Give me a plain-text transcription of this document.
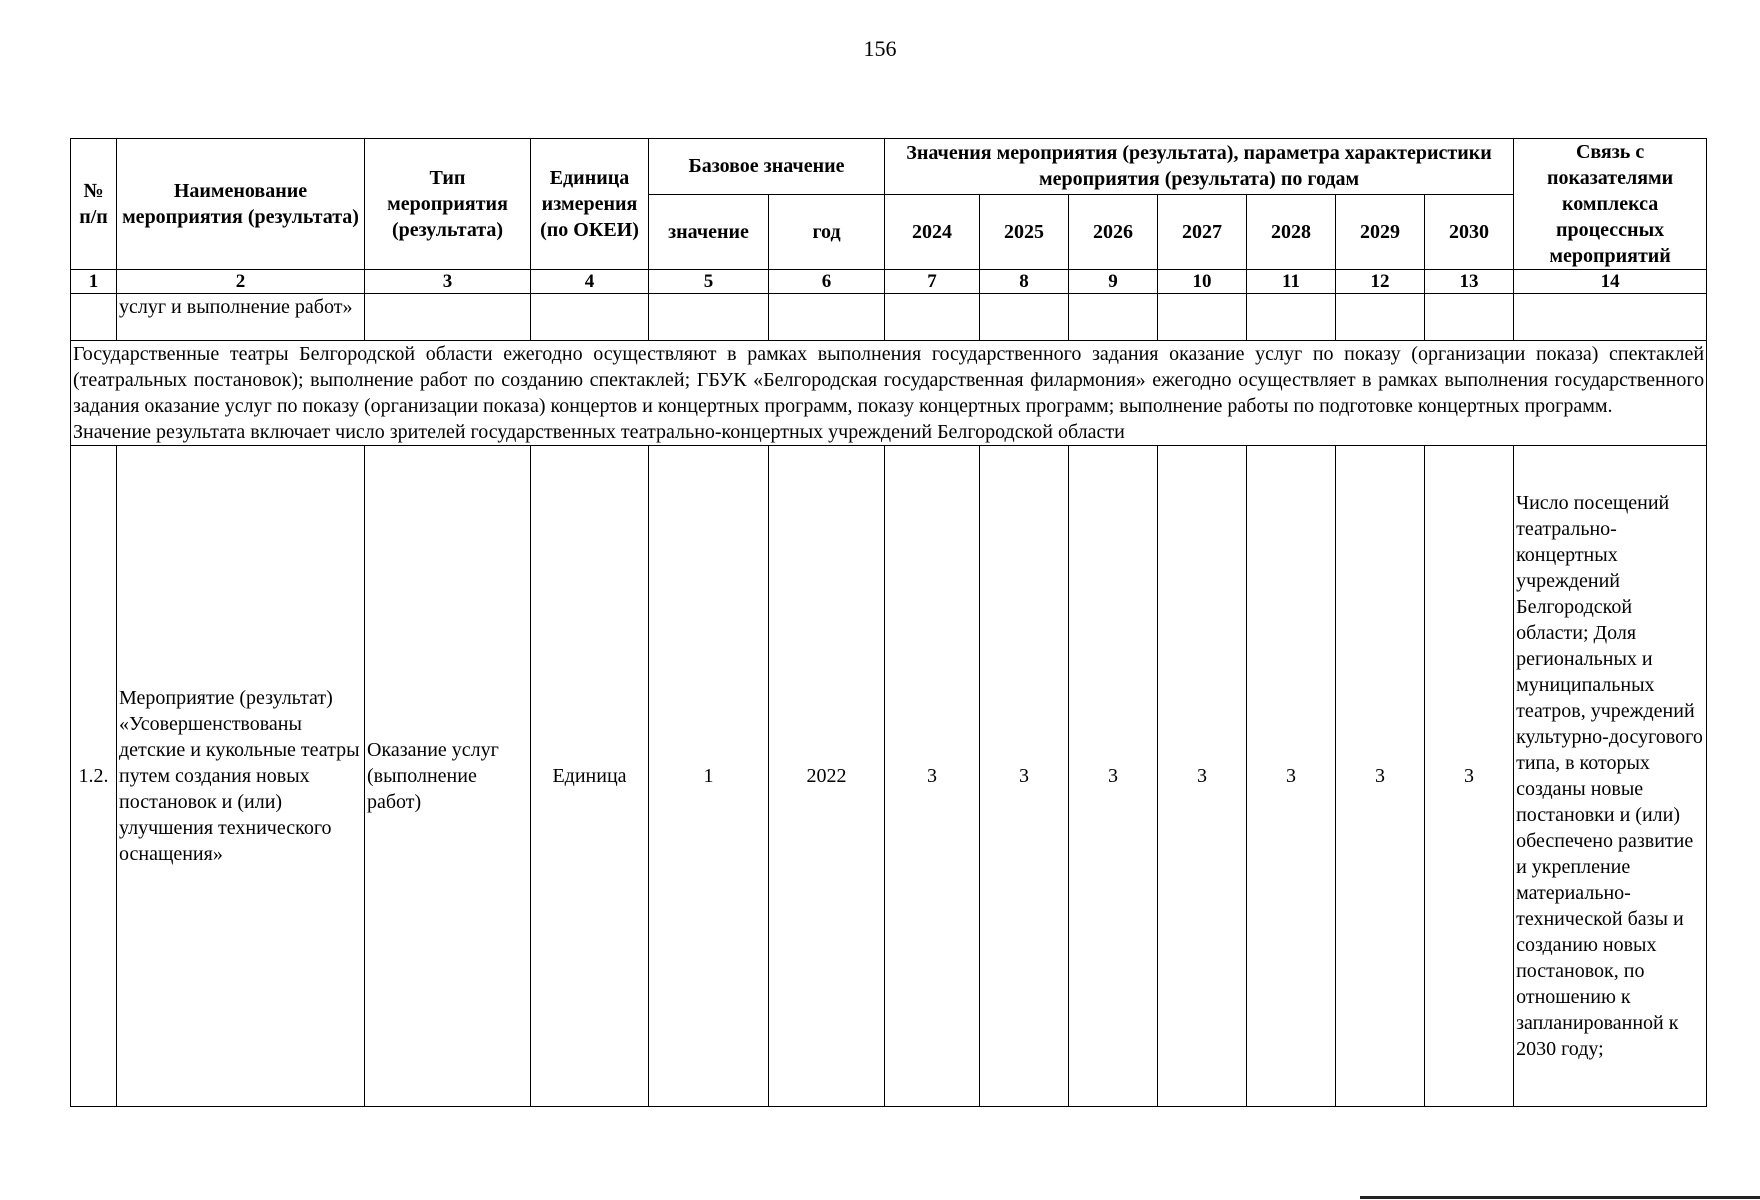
156
№ п/п	Наименование мероприятия (результата)	Тип мероприятия (результата)	Единица измерения (по ОКЕИ)	Базовое значение		Значения мероприятия (результата), параметра характеристики мероприятия (результата) по годам							Связь с показателями комплекса процессных мероприятий
				значение	год	2024	2025	2026	2027	2028	2029	2030	
1	2	3	4	5	6	7	8	9	10	11	12	13	14
	услуг и выполнение работ»												

Государственные театры Белгородской области ежегодно осуществляют в рамках выполнения государственного задания оказание услуг по показу (организации показа) спектаклей (театральных постановок); выполнение работ по созданию спектаклей; ГБУК «Белгородская государственная филармония» ежегодно осуществляет в рамках выполнения государственного задания оказание услуг по показу (организации показа) концертов и концертных программ, показу концертных программ; выполнение работы по подготовке концертных программ.

Значение результата включает число зрителей государственных театрально-концертных учреждений Белгородской области													

1.2.	Мероприятие (результат) «Усовершенствованы детские и кукольные театры путем создания новых постановок и (или) улучшения технического оснащения»	Оказание услуг (выполнение работ)	Единица	1	2022	3	3	3	3	3	3	3	Число посещений театрально-концертных учреждений Белгородской области; Доля региональных и муниципальных театров, учреждений культурно-досугового типа, в которых созданы новые постановки и (или) обеспечено развитие и укрепление материально-технической базы и созданию новых постановок, по отношению к запланированной к 2030 году;
